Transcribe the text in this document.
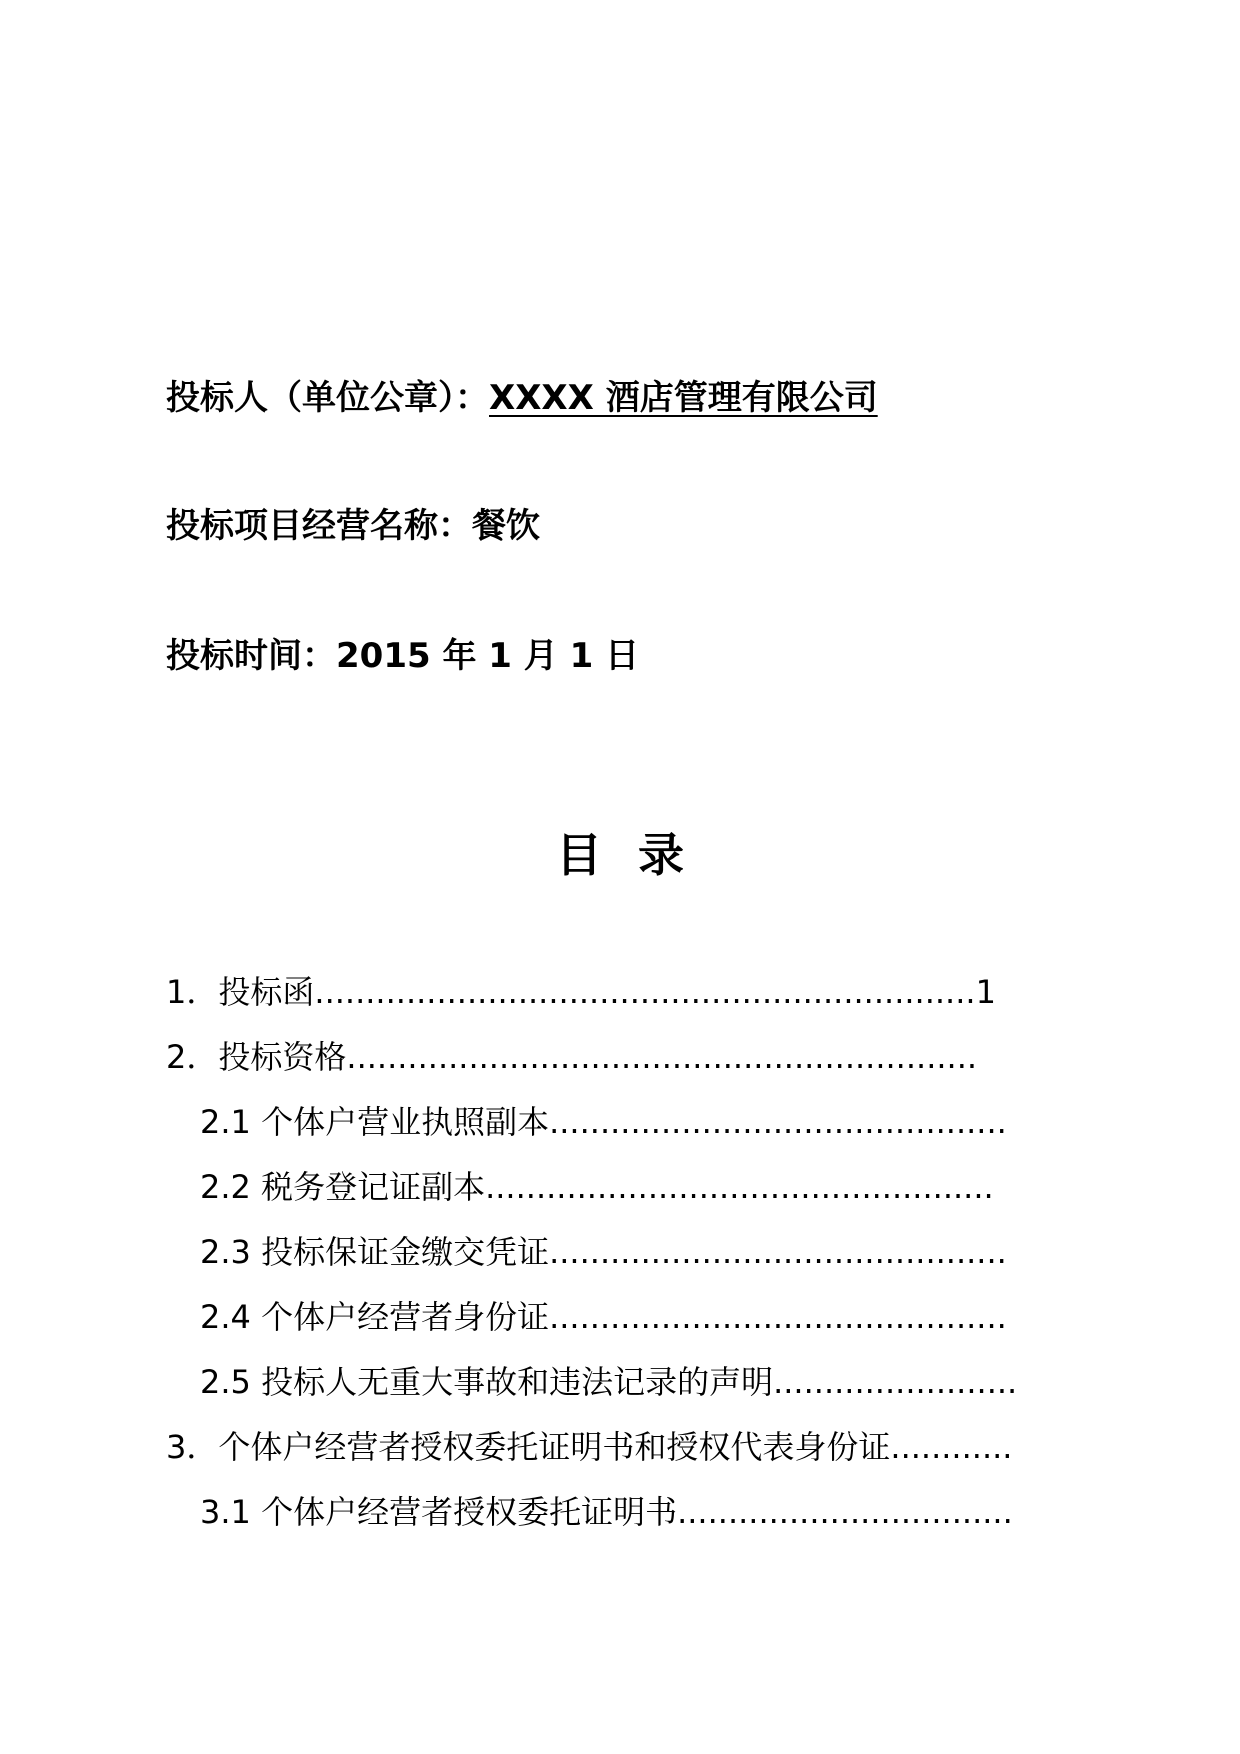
投标人（单位公章）：XXXX 酒店管理有限公司
投标项目经营名称：餐饮
投标时间：2015 年 1 月 1 日
目录
1．投标函.................................................................1
2．投标资格..............................................................
2.1 个体户营业执照副本.............................................
2.2 税务登记证副本..................................................
2.3 投标保证金缴交凭证.............................................
2.4 个体户经营者身份证.............................................
2.5 投标人无重大事故和违法记录的声明........................
3．个体户经营者授权委托证明书和授权代表身份证............
3.1 个体户经营者授权委托证明书.................................
